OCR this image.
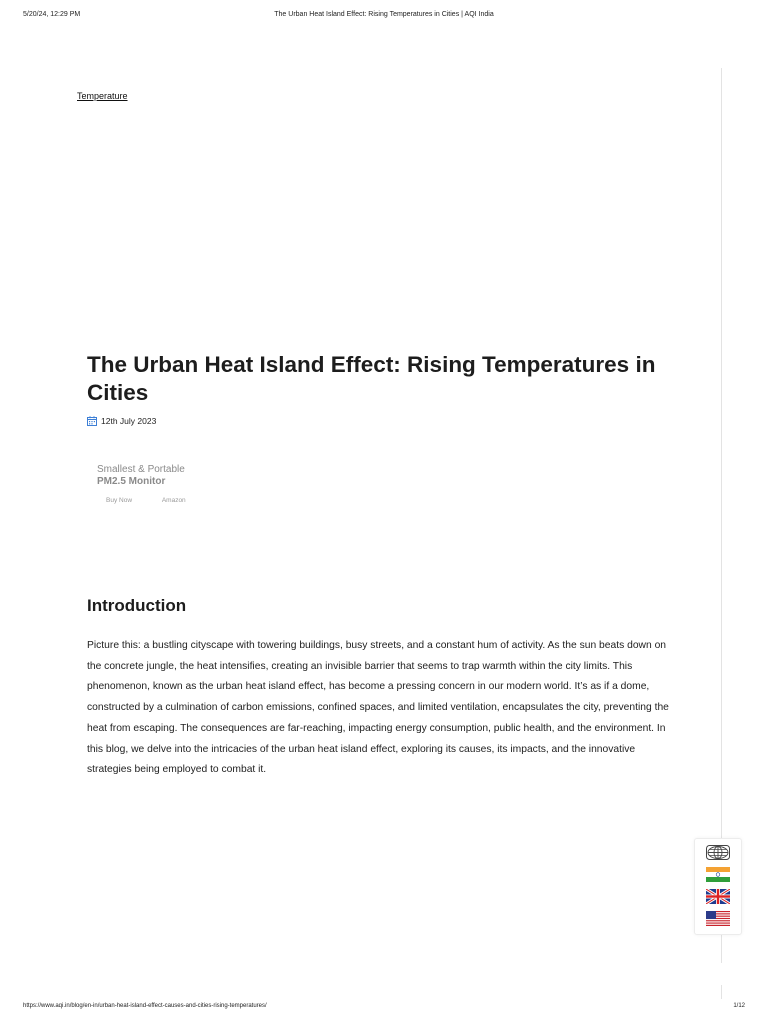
5/20/24, 12:29 PM	The Urban Heat Island Effect: Rising Temperatures in Cities | AQI India
Temperature
The Urban Heat Island Effect: Rising Temperatures in Cities
12th July 2023
Smallest & Portable
PM2.5 Monitor
Buy Now	Amazon
Introduction

Picture this: a bustling cityscape with towering buildings, busy streets, and a constant hum of activity. As the sun beats down on the concrete jungle, the heat intensifies, creating an invisible barrier that seems to trap warmth within the city limits. This phenomenon, known as the urban heat island effect, has become a pressing concern in our modern world. It’s as if a dome, constructed by a culmination of carbon emissions, confined spaces, and limited ventilation, encapsulates the city, preventing the heat from escaping. The consequences are far-reaching, impacting energy consumption, public health, and the environment. In this blog, we delve into the intricacies of the urban heat island effect, exploring its causes, its impacts, and the innovative strategies being employed to combat it.

https://www.aqi.in/blog/en-in/urban-heat-island-effect-causes-and-cities-rising-temperatures/	1/12
